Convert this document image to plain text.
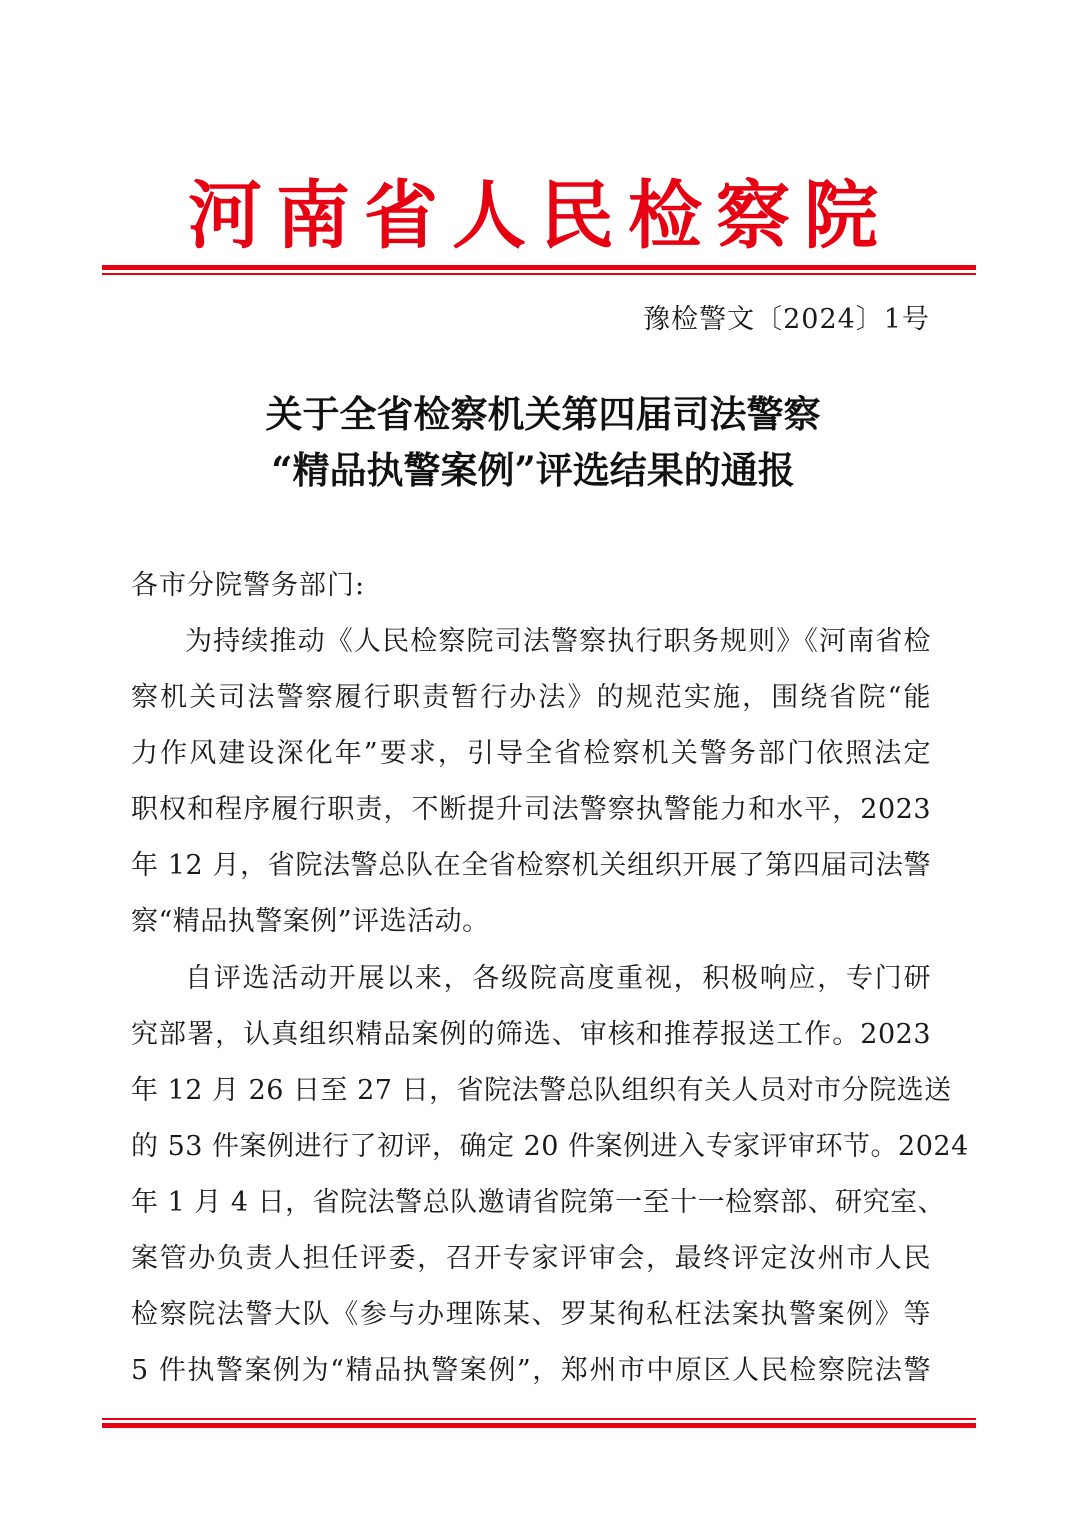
河南省人民检察院
豫检警文〔2024〕1号
关于全省检察机关第四届司法警察
“精品执警案例”评选结果的通报
各市分院警务部门:
为持续推动《人民检察院司法警察执行职务规则》《河南省检
察机关司法警察履行职责暂行办法》的规范实施，围绕省院“能
力作风建设深化年”要求，引导全省检察机关警务部门依照法定
职权和程序履行职责，不断提升司法警察执警能力和水平，2023
年 12 月，省院法警总队在全省检察机关组织开展了第四届司法警
察“精品执警案例”评选活动。
自评选活动开展以来，各级院高度重视，积极响应，专门研
究部署，认真组织精品案例的筛选、审核和推荐报送工作。2023
年 12 月 26 日至 27 日，省院法警总队组织有关人员对市分院选送
的 53 件案例进行了初评，确定 20 件案例进入专家评审环节。2024
年 1 月 4 日，省院法警总队邀请省院第一至十一检察部、研究室、
案管办负责人担任评委，召开专家评审会，最终评定汝州市人民
检察院法警大队《参与办理陈某、罗某徇私枉法案执警案例》等
5 件执警案例为“精品执警案例”，郑州市中原区人民检察院法警
